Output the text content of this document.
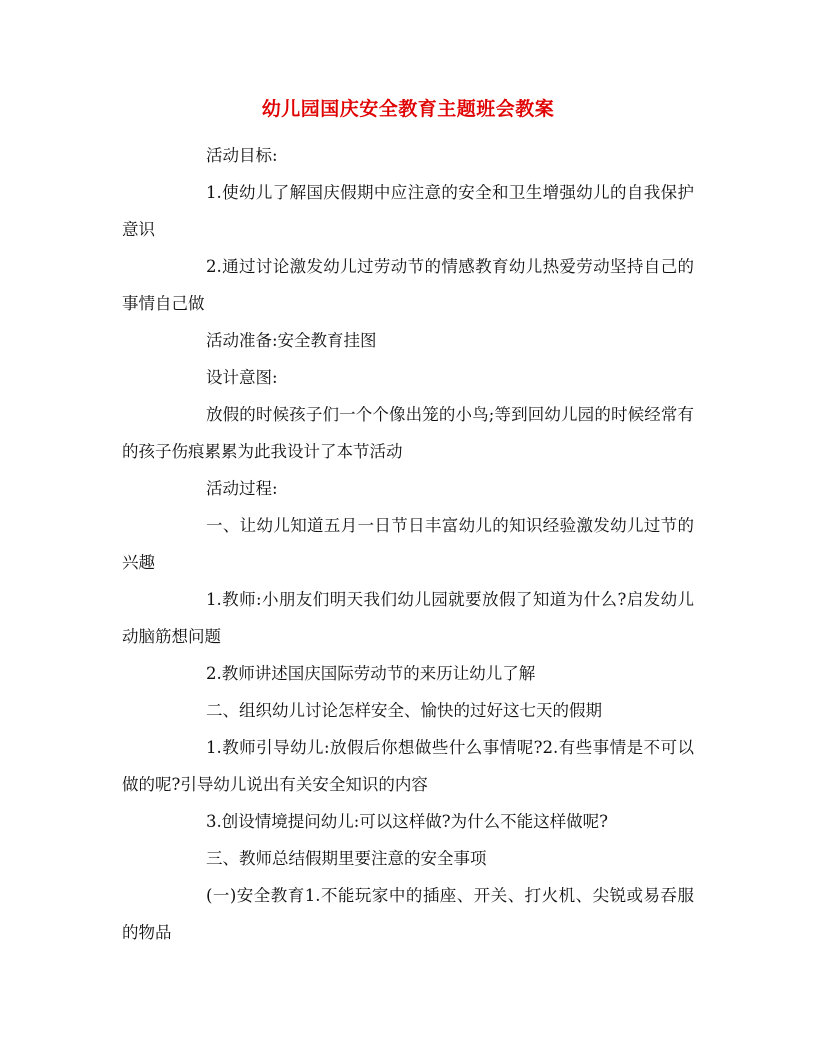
幼儿园国庆安全教育主题班会教案

活动目标:

1.使幼儿了解国庆假期中应注意的安全和卫生增强幼儿的自我保护意识

2.通过讨论激发幼儿过劳动节的情感教育幼儿热爱劳动坚持自己的事情自己做

活动准备:安全教育挂图

设计意图:

放假的时候孩子们一个个像出笼的小鸟;等到回幼儿园的时候经常有的孩子伤痕累累为此我设计了本节活动

活动过程:

一、让幼儿知道五月一日节日丰富幼儿的知识经验激发幼儿过节的兴趣

1.教师:小朋友们明天我们幼儿园就要放假了知道为什么?启发幼儿动脑筋想问题

2.教师讲述国庆国际劳动节的来历让幼儿了解

二、组织幼儿讨论怎样安全、愉快的过好这七天的假期

1.教师引导幼儿:放假后你想做些什么事情呢?2.有些事情是不可以做的呢?引导幼儿说出有关安全知识的内容

3.创设情境提问幼儿:可以这样做?为什么不能这样做呢?

三、教师总结假期里要注意的安全事项

(一)安全教育1.不能玩家中的插座、开关、打火机、尖锐或易吞服的物品
